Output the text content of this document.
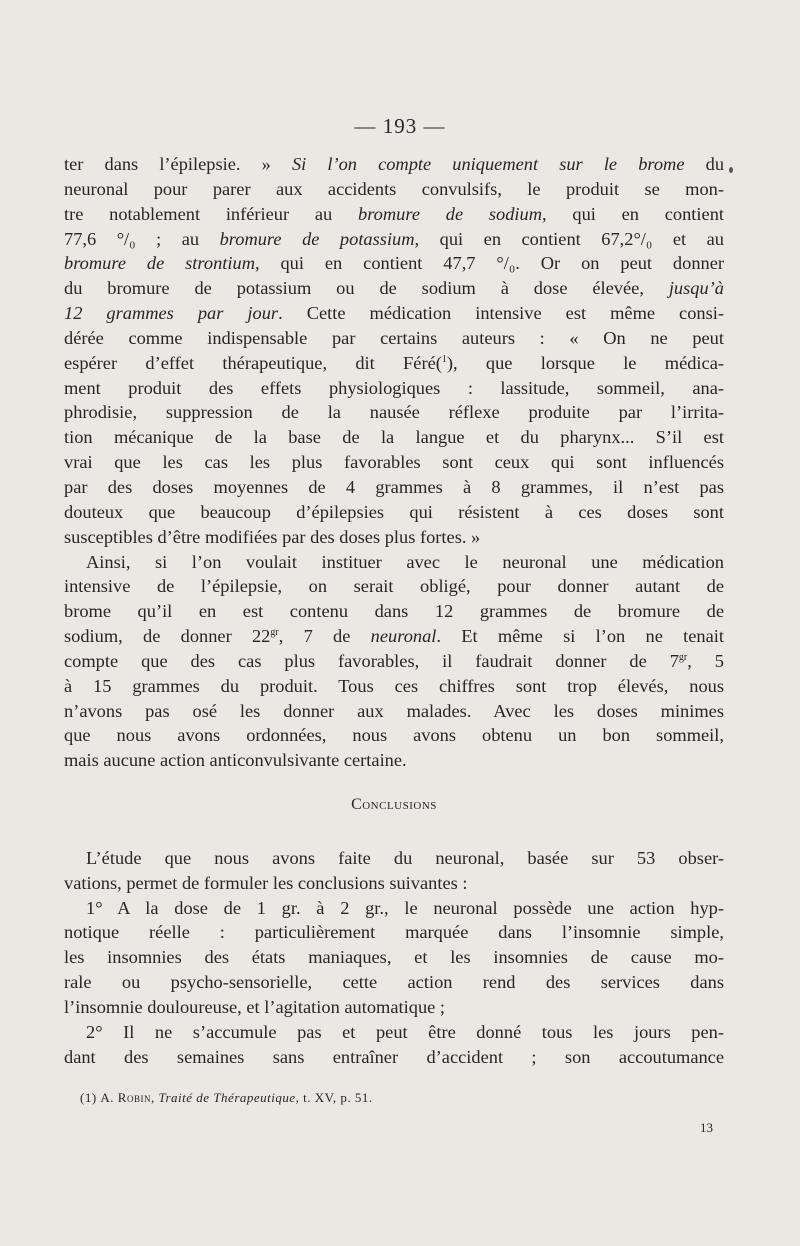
— 193 —
ter dans l’épilepsie. » Si l’on compte uniquement sur le brome du
neuronal pour parer aux accidents convulsifs, le produit se mon-
tre notablement inférieur au bromure de sodium, qui en contient
77,6 °/₀ ; au bromure de potassium, qui en contient 67,2°/₀ et au
bromure de strontium, qui en contient 47,7 °/₀. Or on peut donner
du bromure de potassium ou de sodium à dose élevée, jusqu’à
12 grammes par jour. Cette médication intensive est même consi-
dérée comme indispensable par certains auteurs : « On ne peut
espérer d’effet thérapeutique, dit Féré($^1$), que lorsque le médica-
ment produit des effets physiologiques : lassitude, sommeil, ana-
phrodisie, suppression de la nausée réflexe produite par l’irrita-
tion mécanique de la base de la langue et du pharynx... S’il est
vrai que les cas les plus favorables sont ceux qui sont influencés
par des doses moyennes de 4 grammes à 8 grammes, il n’est pas
douteux que beaucoup d’épilepsies qui résistent à ces doses sont
susceptibles d’être modifiées par des doses plus fortes. »
Ainsi, si l’on voulait instituer avec le neuronal une médication
intensive de l’épilepsie, on serait obligé, pour donner autant de
brome qu’il en est contenu dans 12 grammes de bromure de
sodium, de donner $22^{gr}$, 7 de neuronal. Et même si l’on ne tenait
compte que des cas plus favorables, il faudrait donner de $7^{gr}$, 5
à 15 grammes du produit. Tous ces chiffres sont trop élevés, nous
n’avons pas osé les donner aux malades. Avec les doses minimes
que nous avons ordonnées, nous avons obtenu un bon sommeil,
mais aucune action anticonvulsivante certaine.
Conclusions
L’étude que nous avons faite du neuronal, basée sur 53 obser-
vations, permet de formuler les conclusions suivantes :
1° A la dose de 1 gr. à 2 gr., le neuronal possède une action hyp-
notique réelle : particulièrement marquée dans l’insomnie simple,
les insomnies des états maniaques, et les insomnies de cause mo-
rale ou psycho-sensorielle, cette action rend des services dans
l’insomnie douloureuse, et l’agitation automatique ;
2° Il ne s’accumule pas et peut être donné tous les jours pen-
dant des semaines sans entraîner d’accident ; son accoutumance
(1) A. Robin, Traité de Thérapeutique, t. XV, p. 51.
13
